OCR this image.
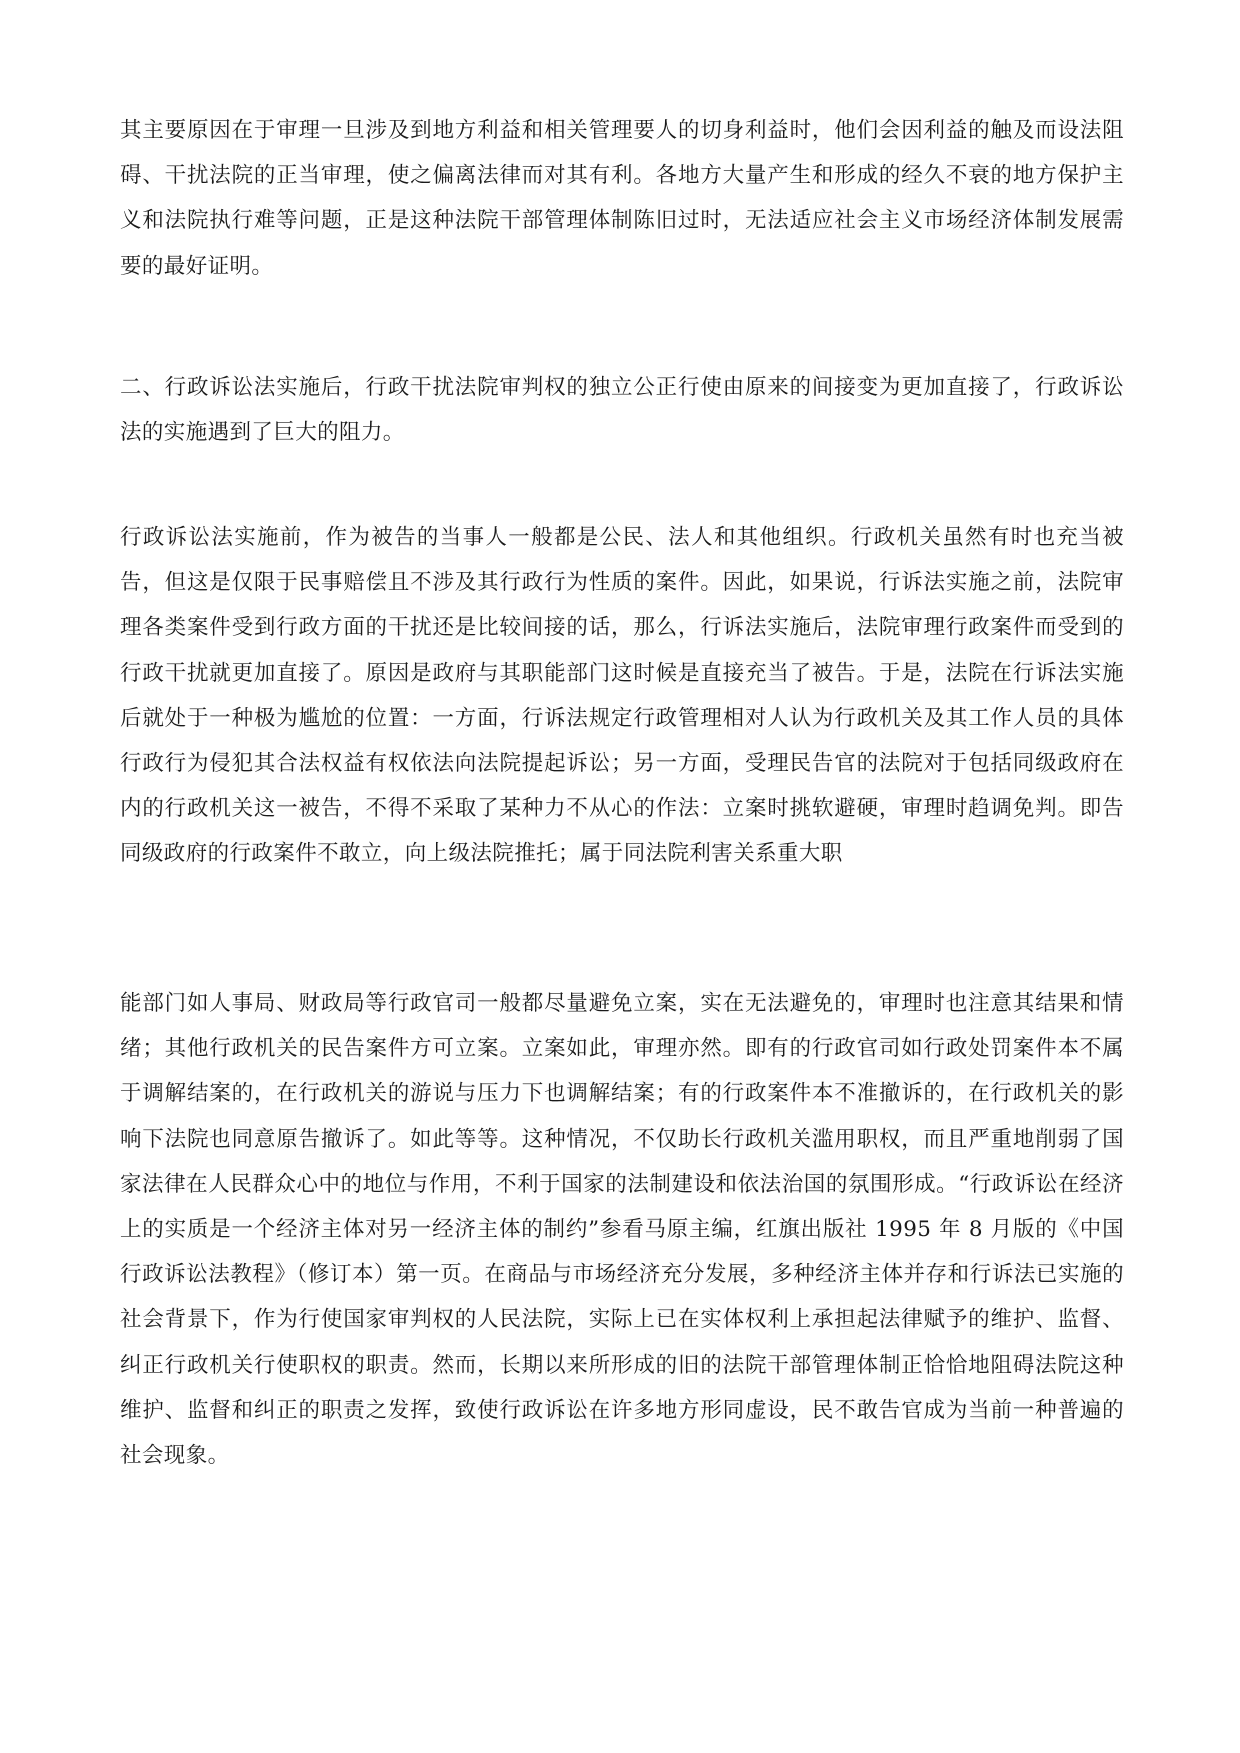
其主要原因在于审理一旦涉及到地方利益和相关管理要人的切身利益时，他们会因利益的触及而设法阻碍、干扰法院的正当审理，使之偏离法律而对其有利。各地方大量产生和形成的经久不衰的地方保护主义和法院执行难等问题，正是这种法院干部管理体制陈旧过时，无法适应社会主义市场经济体制发展需要的最好证明。

二、行政诉讼法实施后，行政干扰法院审判权的独立公正行使由原来的间接变为更加直接了，行政诉讼法的实施遇到了巨大的阻力。

行政诉讼法实施前，作为被告的当事人一般都是公民、法人和其他组织。行政机关虽然有时也充当被告，但这是仅限于民事赔偿且不涉及其行政行为性质的案件。因此，如果说，行诉法实施之前，法院审理各类案件受到行政方面的干扰还是比较间接的话，那么，行诉法实施后，法院审理行政案件而受到的行政干扰就更加直接了。原因是政府与其职能部门这时候是直接充当了被告。于是，法院在行诉法实施后就处于一种极为尴尬的位置：一方面，行诉法规定行政管理相对人认为行政机关及其工作人员的具体行政行为侵犯其合法权益有权依法向法院提起诉讼；另一方面，受理民告官的法院对于包括同级政府在内的行政机关这一被告，不得不采取了某种力不从心的作法：立案时挑软避硬，审理时趋调免判。即告同级政府的行政案件不敢立，向上级法院推托；属于同法院利害关系重大职

能部门如人事局、财政局等行政官司一般都尽量避免立案，实在无法避免的，审理时也注意其结果和情绪；其他行政机关的民告案件方可立案。立案如此，审理亦然。即有的行政官司如行政处罚案件本不属于调解结案的，在行政机关的游说与压力下也调解结案；有的行政案件本不准撤诉的，在行政机关的影响下法院也同意原告撤诉了。如此等等。这种情况，不仅助长行政机关滥用职权，而且严重地削弱了国家法律在人民群众心中的地位与作用，不利于国家的法制建设和依法治国的氛围形成。“行政诉讼在经济上的实质是一个经济主体对另一经济主体的制约”参看马原主编，红旗出版社 1995 年 8 月版的《中国行政诉讼法教程》（修订本）第一页。在商品与市场经济充分发展，多种经济主体并存和行诉法已实施的社会背景下，作为行使国家审判权的人民法院，实际上已在实体权利上承担起法律赋予的维护、监督、纠正行政机关行使职权的职责。然而，长期以来所形成的旧的法院干部管理体制正恰恰地阻碍法院这种维护、监督和纠正的职责之发挥，致使行政诉讼在许多地方形同虚设，民不敢告官成为当前一种普遍的社会现象。
